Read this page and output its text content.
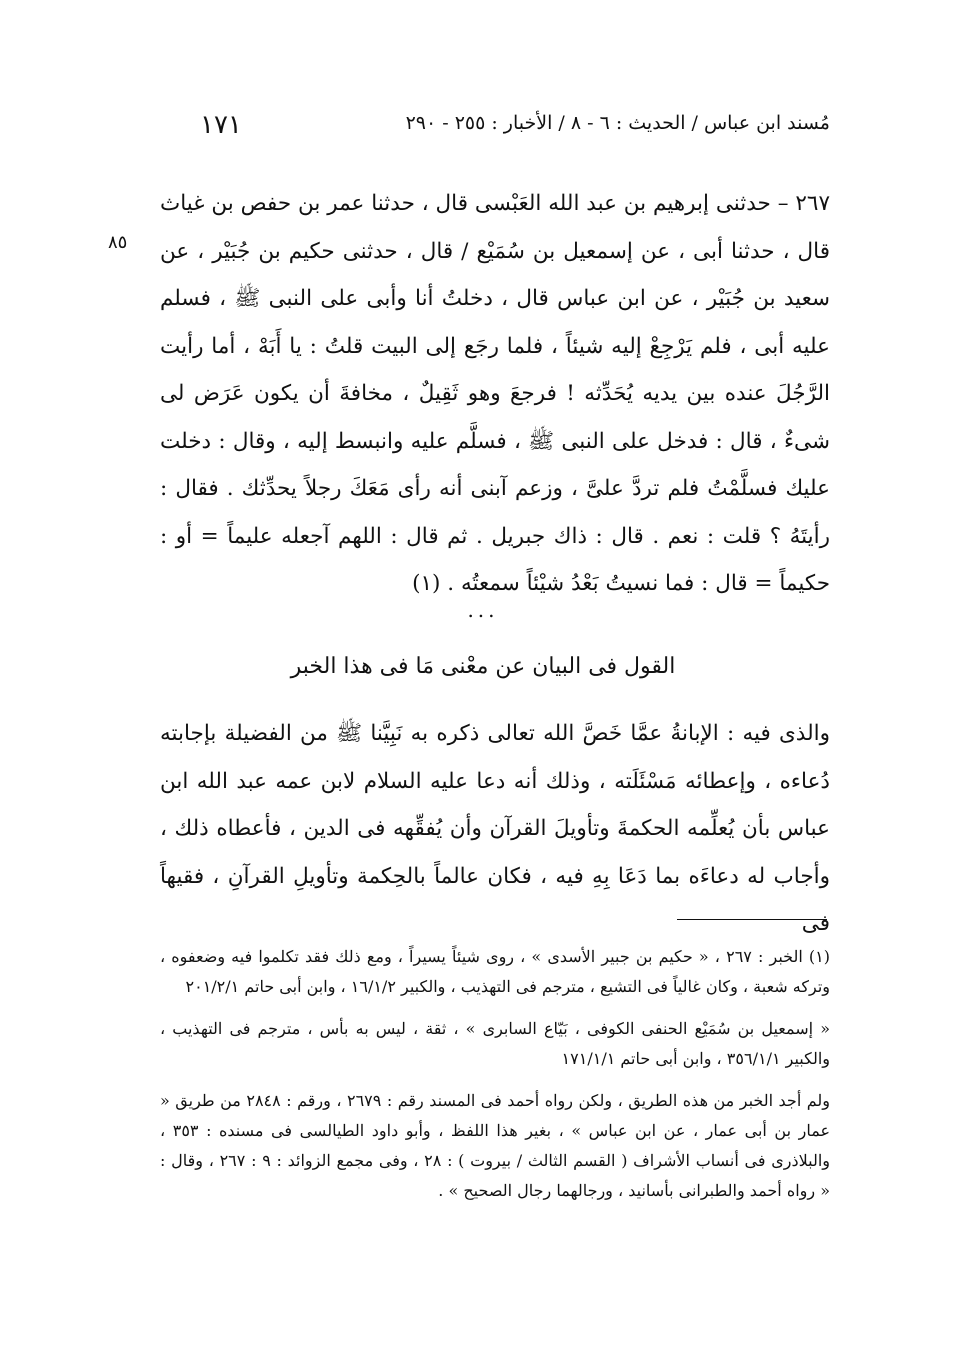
١٧١	مُسند ابن عباس / الحديث : ٦ - ٨ / الأخبار : ٢٥٥ - ٢٩٠
٨٥
٢٦٧ – حدثنى إبرهيم بن عبد الله العَبْسى قال ، حدثنا عمر بن حفص بن غياث قال ، حدثنا أبى ، عن إسمعيل بن سُمَيْع / قال ، حدثنى حكيم بن جُبَيْر ، عن سعيد بن جُبَيْر ، عن ابن عباس قال ، دخلتُ أنا وأبى على النبى ﷺ ، فسلم عليه أبى ، فلم يَرْجِعْ إليه شيئاً ، فلما رجَع إلى البيت قلتُ : يا أَبَهْ ، أما رأيت الرَّجُلَ عنده بين يديه يُحَدِّثه ! فرجعَ وهو ثَقِيلٌ ، مخافةَ أن يكون عَرَض لى شىءٌ ، قال : فدخل على النبى ﷺ ، فسلَّم عليه وانبسط إليه ، وقال : دخلت عليك فسلَّمْتُ فلم تردَّ علىَّ ، وزعم آبنى أنه رأى مَعَكَ رجلاً يحدِّثك . فقال : رأيتَهُ ؟ قلت : نعم . قال : ذاك جبريل . ثم قال : اللهم آجعله عليماً = أو : حكيماً = قال : فما نسيتُ بَعْدُ شيْئاً سمعتُه . (١)
...
القول فى البيان عن معْنى مَا فى هذا الخبر
والذى فيه : الإبانةُ عمَّا خَصَّ الله تعالى ذكره به نَبِيَّنا ﷺ من الفضيلة بإجابته دُعاءه ، وإعطائه مَسْئَلَته ، وذلك أنه دعا عليه السلام لابن عمه عبد الله ابن عباس بأن يُعلِّمه الحكمةَ وتأويلَ القرآن وأن يُفقِّهه فى الدين ، فأعطاه ذلك ، وأجاب له دعاءَه بما دَعَا بِهِ فيه ، فكان عالماً بالحِكمة وتأويلِ القرآنِ ، فقيهاً فى

(١) الخبر : ٢٦٧ ، « حكيم بن جبير الأسدى » ، روى شيئاً يسيراً ، ومع ذلك فقد تكلموا فيه وضعفوه ، وتركه شعبة ، وكان غالياً فى التشيع ، مترجم فى التهذيب ، والكبير ١٦/١/٢ ، وابن أبى حاتم ٢٠١/٢/١

« إسمعيل بن سُمَيْع الحنفى الكوفى ، بَيّاع السابرى » ، ثقة ، ليس به بأس ، مترجم فى التهذيب ، والكبير ٣٥٦/١/١ ، وابن أبى حاتم ١٧١/١/١

ولم أجد الخبر من هذه الطريق ، ولكن رواه أحمد فى المسند رقم : ٢٦٧٩ ، ورقم : ٢٨٤٨ من طريق « عمار بن أبى عمار ، عن ابن عباس » ، بغير هذا اللفظ ، وأبو داود الطيالسى فى مسنده : ٣٥٣ ، والبلاذرى فى أنساب الأشراف ( القسم الثالث / بيروت ) : ٢٨ ، وفى مجمع الزوائد : ٩ : ٢٦٧ ، وقال : « رواه أحمد والطبرانى بأسانيد ، ورجالهما رجال الصحيح » .
